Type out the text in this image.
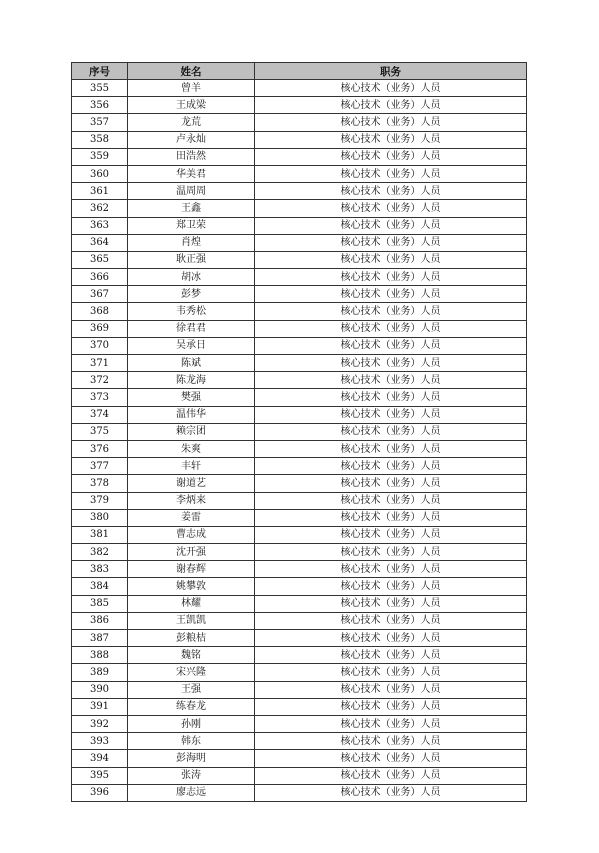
序号	姓名	职务
355	曾羊	核心技术（业务）人员
356	王成梁	核心技术（业务）人员
357	龙荒	核心技术（业务）人员
358	卢永灿	核心技术（业务）人员
359	田浩然	核心技术（业务）人员
360	华美君	核心技术（业务）人员
361	温周周	核心技术（业务）人员
362	王鑫	核心技术（业务）人员
363	郑卫荣	核心技术（业务）人员
364	肖煌	核心技术（业务）人员
365	耿正强	核心技术（业务）人员
366	胡冰	核心技术（业务）人员
367	彭梦	核心技术（业务）人员
368	韦秀松	核心技术（业务）人员
369	徐君君	核心技术（业务）人员
370	吴承日	核心技术（业务）人员
371	陈斌	核心技术（业务）人员
372	陈龙海	核心技术（业务）人员
373	樊强	核心技术（业务）人员
374	温伟华	核心技术（业务）人员
375	赖宗团	核心技术（业务）人员
376	朱爽	核心技术（业务）人员
377	丰轩	核心技术（业务）人员
378	谢道艺	核心技术（业务）人员
379	李炳来	核心技术（业务）人员
380	姜雷	核心技术（业务）人员
381	曹志成	核心技术（业务）人员
382	沈开强	核心技术（业务）人员
383	谢春辉	核心技术（业务）人员
384	姚攀敦	核心技术（业务）人员
385	林耀	核心技术（业务）人员
386	王凯凯	核心技术（业务）人员
387	彭粮桔	核心技术（业务）人员
388	魏铭	核心技术（业务）人员
389	宋兴隆	核心技术（业务）人员
390	王强	核心技术（业务）人员
391	练春龙	核心技术（业务）人员
392	孙刚	核心技术（业务）人员
393	韩东	核心技术（业务）人员
394	彭海明	核心技术（业务）人员
395	张涛	核心技术（业务）人员
396	廖志远	核心技术（业务）人员
